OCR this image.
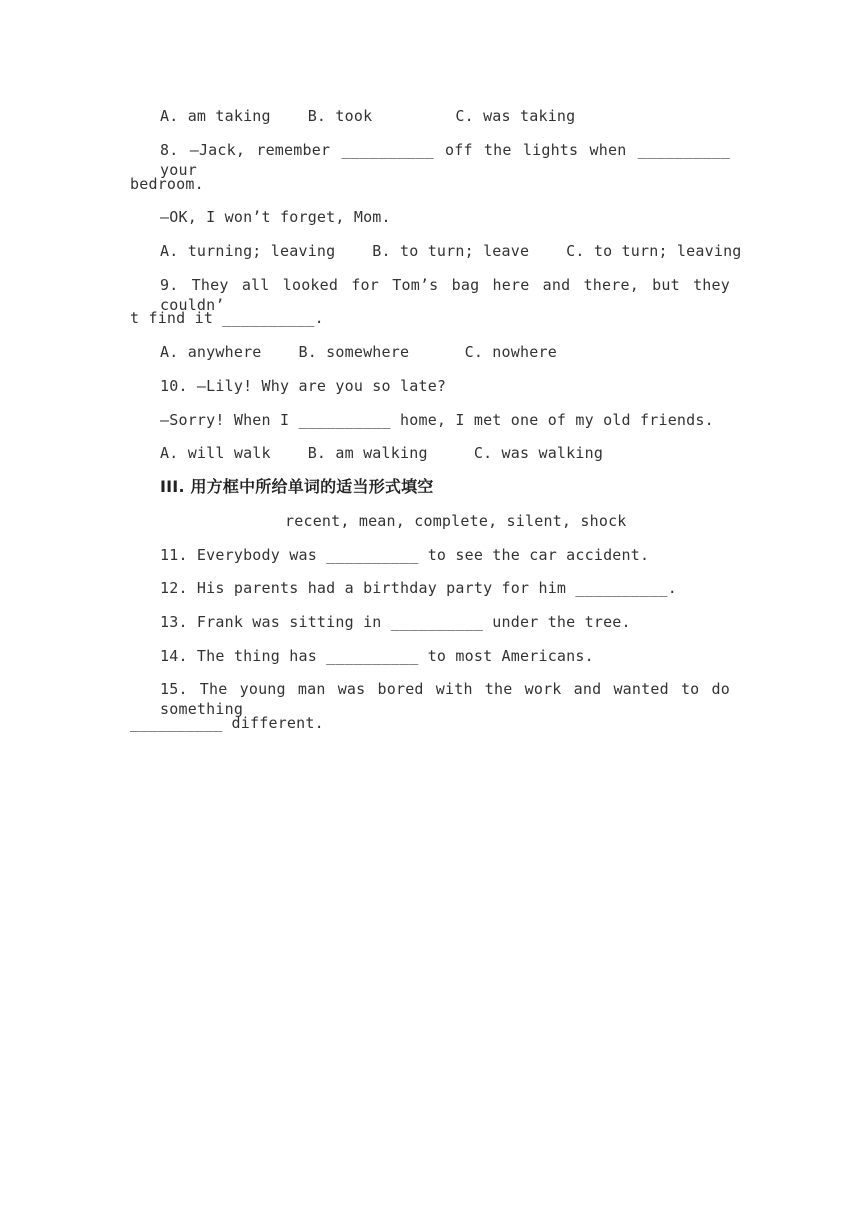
A. am taking    B. took         C. was taking
8. —Jack, remember __________ off the lights when __________ your
bedroom.
—OK, I won’t forget, Mom.
A. turning; leaving    B. to turn; leave    C. to turn; leaving
9. They all looked for Tom’s bag here and there, but they couldn’
t find it __________.
A. anywhere    B. somewhere      C. nowhere
10. —Lily! Why are you so late?
—Sorry! When I __________ home, I met one of my old friends.
A. will walk    B. am walking     C. was walking
III. 用方框中所给单词的适当形式填空
recent, mean, complete, silent, shock
11. Everybody was __________ to see the car accident.
12. His parents had a birthday party for him __________.
13. Frank was sitting in __________ under the tree.
14. The thing has __________ to most Americans.
15. The young man was bored with the work and wanted to do something
__________ different.
